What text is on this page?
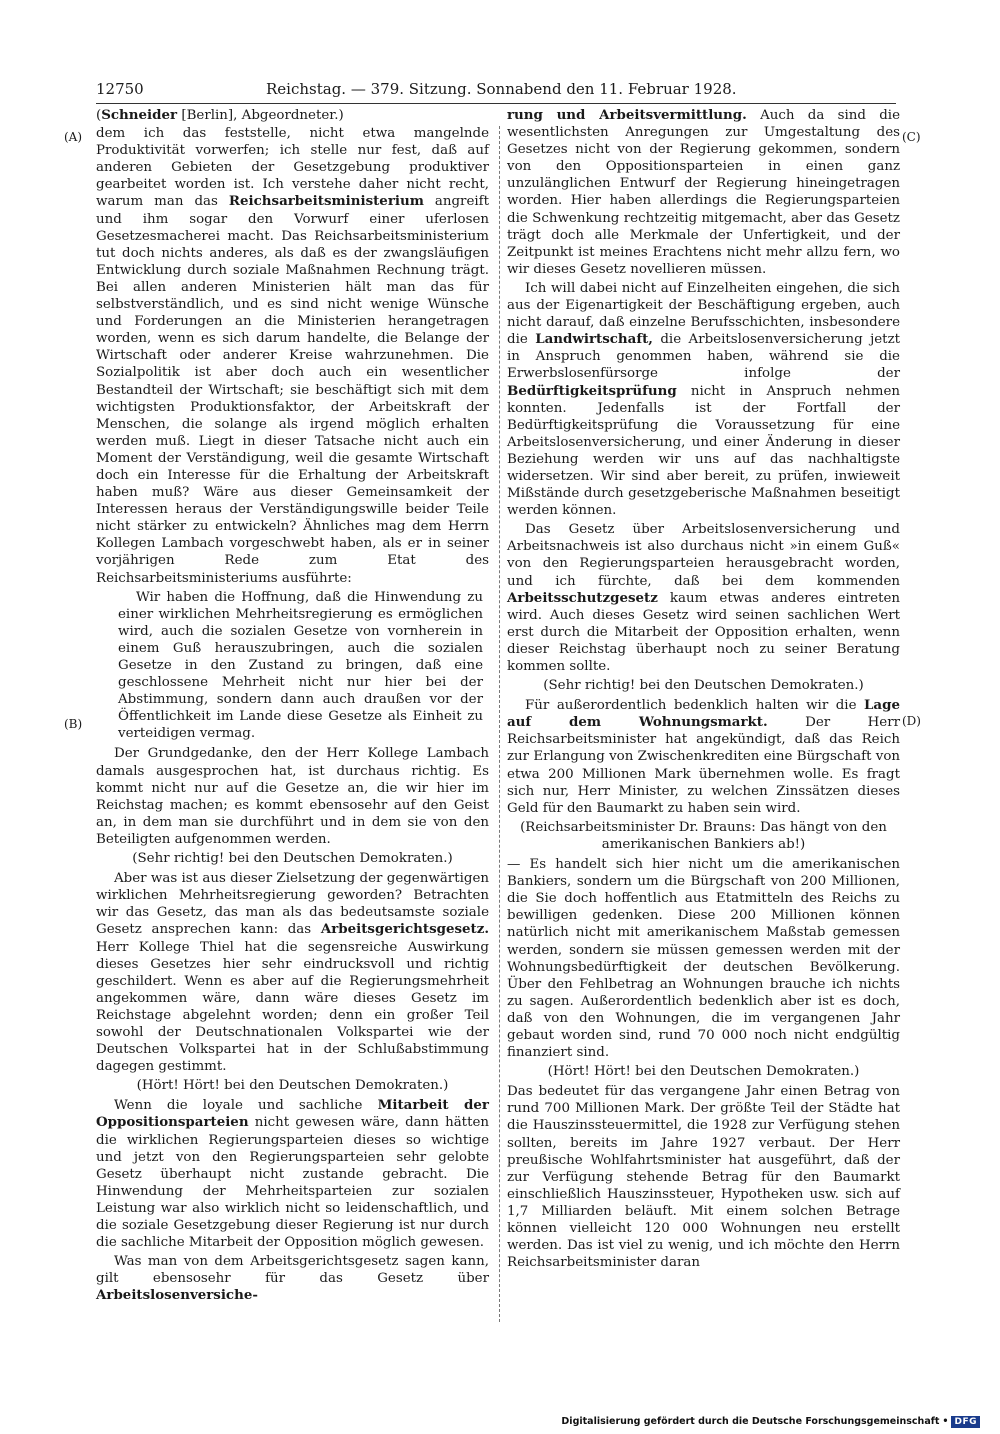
12750	Reichstag. — 379. Sitzung. Sonnabend den 11. Februar 1928.
(A)
(B)
(C)
(D)

(Schneider [Berlin], Abgeordneter.)

dem ich das feststelle, nicht etwa mangelnde Produktivität vorwerfen; ich stelle nur fest, daß auf anderen Gebieten der Gesetzgebung produktiver gearbeitet worden ist. Ich verstehe daher nicht recht, warum man das Reichsarbeitsministerium angreift und ihm sogar den Vorwurf einer uferlosen Gesetzesmacherei macht. Das Reichsarbeitsministerium tut doch nichts anderes, als daß es der zwangsläufigen Entwicklung durch soziale Maßnahmen Rechnung trägt. Bei allen anderen Ministerien hält man das für selbstverständlich, und es sind nicht wenige Wünsche und Forderungen an die Ministerien herangetragen worden, wenn es sich darum handelte, die Belange der Wirtschaft oder anderer Kreise wahrzunehmen. Die Sozialpolitik ist aber doch auch ein wesentlicher Bestandteil der Wirtschaft; sie beschäftigt sich mit dem wichtigsten Produktionsfaktor, der Arbeitskraft der Menschen, die solange als irgend möglich erhalten werden muß. Liegt in dieser Tatsache nicht auch ein Moment der Verständigung, weil die gesamte Wirtschaft doch ein Interesse für die Erhaltung der Arbeitskraft haben muß? Wäre aus dieser Gemeinsamkeit der Interessen heraus der Verständigungswille beider Teile nicht stärker zu entwickeln? Ähnliches mag dem Herrn Kollegen Lambach vorgeschwebt haben, als er in seiner vorjährigen Rede zum Etat des Reichsarbeitsministeriums ausführte:

Wir haben die Hoffnung, daß die Hinwendung zu einer wirklichen Mehrheitsregierung es ermöglichen wird, auch die sozialen Gesetze von vornherein in einem Guß herauszubringen, auch die sozialen Gesetze in den Zustand zu bringen, daß eine geschlossene Mehrheit nicht nur hier bei der Abstimmung, sondern dann auch draußen vor der Öffentlichkeit im Lande diese Gesetze als Einheit zu verteidigen vermag.

Der Grundgedanke, den der Herr Kollege Lambach damals ausgesprochen hat, ist durchaus richtig. Es kommt nicht nur auf die Gesetze an, die wir hier im Reichstag machen; es kommt ebensosehr auf den Geist an, in dem man sie durchführt und in dem sie von den Beteiligten aufgenommen werden.

(Sehr richtig! bei den Deutschen Demokraten.)

Aber was ist aus dieser Zielsetzung der gegenwärtigen wirklichen Mehrheitsregierung geworden? Betrachten wir das Gesetz, das man als das bedeutsamste soziale Gesetz ansprechen kann: das Arbeitsgerichtsgesetz. Herr Kollege Thiel hat die segensreiche Auswirkung dieses Gesetzes hier sehr eindrucksvoll und richtig geschildert. Wenn es aber auf die Regierungsmehrheit angekommen wäre, dann wäre dieses Gesetz im Reichstage abgelehnt worden; denn ein großer Teil sowohl der Deutschnationalen Volkspartei wie der Deutschen Volkspartei hat in der Schlußabstimmung dagegen gestimmt.

(Hört! Hört! bei den Deutschen Demokraten.)

Wenn die loyale und sachliche Mitarbeit der Oppositionsparteien nicht gewesen wäre, dann hätten die wirklichen Regierungsparteien dieses so wichtige und jetzt von den Regierungsparteien sehr gelobte Gesetz überhaupt nicht zustande gebracht. Die Hinwendung der Mehrheitsparteien zur sozialen Leistung war also wirklich nicht so leidenschaftlich, und die soziale Gesetzgebung dieser Regierung ist nur durch die sachliche Mitarbeit der Opposition möglich gewesen.

Was man von dem Arbeitsgerichtsgesetz sagen kann, gilt ebensosehr für das Gesetz über Arbeitslosenversiche-

rung und Arbeitsvermittlung. Auch da sind die wesentlichsten Anregungen zur Umgestaltung des Gesetzes nicht von der Regierung gekommen, sondern von den Oppositionsparteien in einen ganz unzulänglichen Entwurf der Regierung hineingetragen worden. Hier haben allerdings die Regierungsparteien die Schwenkung rechtzeitig mitgemacht, aber das Gesetz trägt doch alle Merkmale der Unfertigkeit, und der Zeitpunkt ist meines Erachtens nicht mehr allzu fern, wo wir dieses Gesetz novellieren müssen.

Ich will dabei nicht auf Einzelheiten eingehen, die sich aus der Eigenartigkeit der Beschäftigung ergeben, auch nicht darauf, daß einzelne Berufsschichten, insbesondere die Landwirtschaft, die Arbeitslosenversicherung jetzt in Anspruch genommen haben, während sie die Erwerbslosenfürsorge infolge der Bedürftigkeitsprüfung nicht in Anspruch nehmen konnten. Jedenfalls ist der Fortfall der Bedürftigkeitsprüfung die Voraussetzung für eine Arbeitslosenversicherung, und einer Änderung in dieser Beziehung werden wir uns auf das nachhaltigste widersetzen. Wir sind aber bereit, zu prüfen, inwieweit Mißstände durch gesetzgeberische Maßnahmen beseitigt werden können.

Das Gesetz über Arbeitslosenversicherung und Arbeitsnachweis ist also durchaus nicht »in einem Guß« von den Regierungsparteien herausgebracht worden, und ich fürchte, daß bei dem kommenden Arbeitsschutzgesetz kaum etwas anderes eintreten wird. Auch dieses Gesetz wird seinen sachlichen Wert erst durch die Mitarbeit der Opposition erhalten, wenn dieser Reichstag überhaupt noch zu seiner Beratung kommen sollte.

(Sehr richtig! bei den Deutschen Demokraten.)

Für außerordentlich bedenklich halten wir die Lage auf dem Wohnungsmarkt. Der Herr Reichsarbeitsminister hat angekündigt, daß das Reich zur Erlangung von Zwischenkrediten eine Bürgschaft von etwa 200 Millionen Mark übernehmen wolle. Es fragt sich nur, Herr Minister, zu welchen Zinssätzen dieses Geld für den Baumarkt zu haben sein wird.

(Reichsarbeitsminister Dr. Brauns: Das hängt von den amerikanischen Bankiers ab!)

— Es handelt sich hier nicht um die amerikanischen Bankiers, sondern um die Bürgschaft von 200 Millionen, die Sie doch hoffentlich aus Etatmitteln des Reichs zu bewilligen gedenken. Diese 200 Millionen können natürlich nicht mit amerikanischem Maßstab gemessen werden, sondern sie müssen gemessen werden mit der Wohnungsbedürftigkeit der deutschen Bevölkerung. Über den Fehlbetrag an Wohnungen brauche ich nichts zu sagen. Außerordentlich bedenklich aber ist es doch, daß von den Wohnungen, die im vergangenen Jahr gebaut worden sind, rund 70 000 noch nicht endgültig finanziert sind.

(Hört! Hört! bei den Deutschen Demokraten.)

Das bedeutet für das vergangene Jahr einen Betrag von rund 700 Millionen Mark. Der größte Teil der Städte hat die Hauszinssteuermittel, die 1928 zur Verfügung stehen sollten, bereits im Jahre 1927 verbaut. Der Herr preußische Wohlfahrtsminister hat ausgeführt, daß der zur Verfügung stehende Betrag für den Baumarkt einschließlich Hauszinssteuer, Hypotheken usw. sich auf 1,7 Milliarden beläuft. Mit einem solchen Betrage können vielleicht 120 000 Wohnungen neu erstellt werden. Das ist viel zu wenig, und ich möchte den Herrn Reichsarbeitsminister daran

Digitalisierung gefördert durch die Deutsche Forschungsgemeinschaft • DFG
